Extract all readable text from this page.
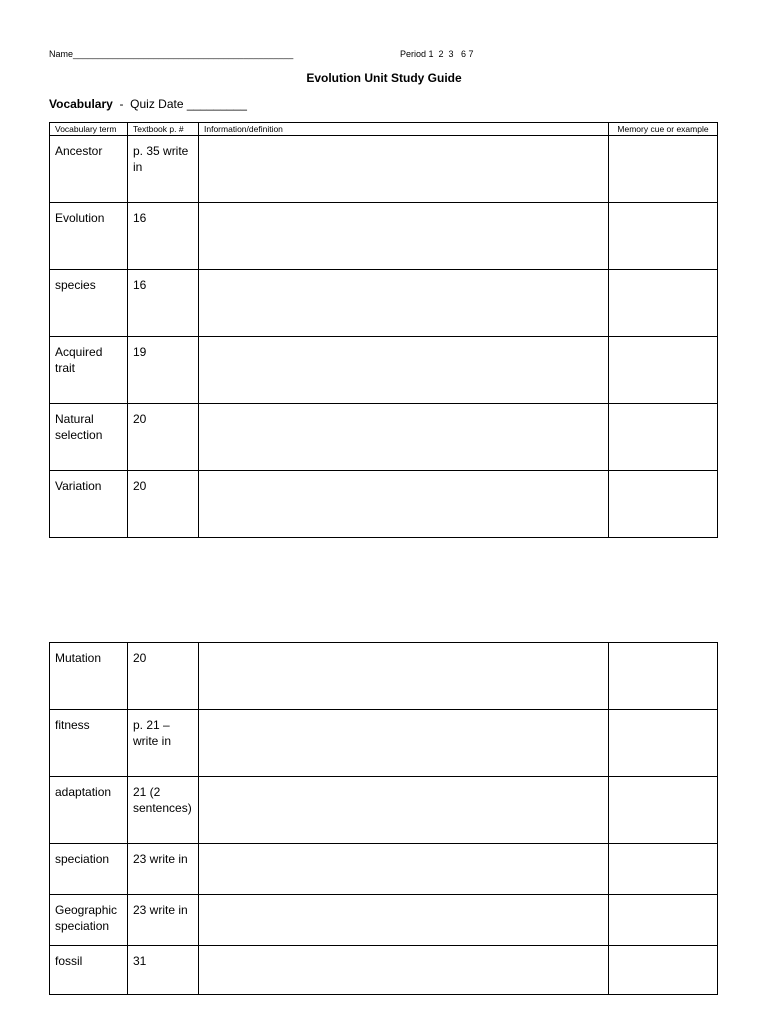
Name____________________________________________	Period 1  2  3   6 7
Evolution Unit Study Guide
Vocabulary  -  Quiz Date _________
Vocabulary term	Textbook p. #	Information/definition	Memory cue or example

Ancestor	p. 35 write in		

Evolution	16		

species	16		

Acquired trait	19		

Natural selection	20		

Variation	20		

Mutation	20		

fitness	p. 21 – write in		

adaptation	21 (2 sentences)		

speciation	23 write in		

Geographic speciation	23 write in		

fossil	31		
